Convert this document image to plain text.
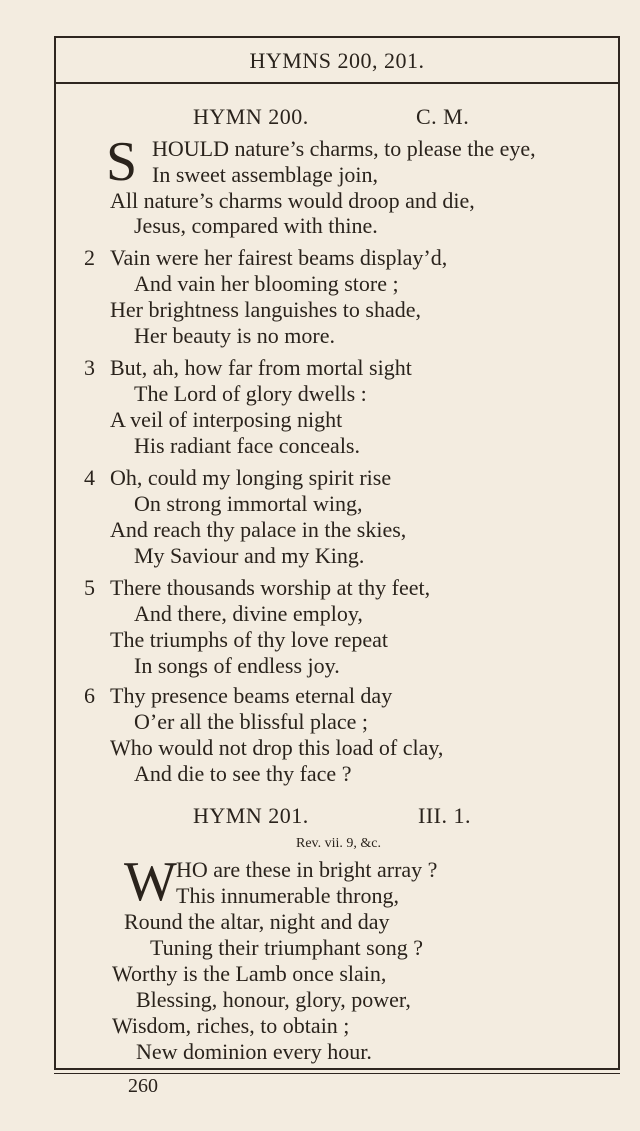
HYMNS 200, 201.
HYMN 200.	C. M.
S HOULD nature’s charms, to please the eye,
In sweet assemblage join,
All nature’s charms would droop and die,
Jesus, compared with thine.
2 Vain were her fairest beams display’d,
And vain her blooming store ;
Her brightness languishes to shade,
Her beauty is no more.
3 But, ah, how far from mortal sight
The Lord of glory dwells :
A veil of interposing night
His radiant face conceals.
4 Oh, could my longing spirit rise
On strong immortal wing,
And reach thy palace in the skies,
My Saviour and my King.
5 There thousands worship at thy feet,
And there, divine employ,
The triumphs of thy love repeat
In songs of endless joy.
6 Thy presence beams eternal day
O’er all the blissful place ;
Who would not drop this load of clay,
And die to see thy face ?
HYMN 201.	III. 1.
Rev. vii. 9, &c.
W HO are these in bright array ?
This innumerable throng,
Round the altar, night and day
Tuning their triumphant song ?
Worthy is the Lamb once slain,
Blessing, honour, glory, power,
Wisdom, riches, to obtain ;
New dominion every hour.
260
